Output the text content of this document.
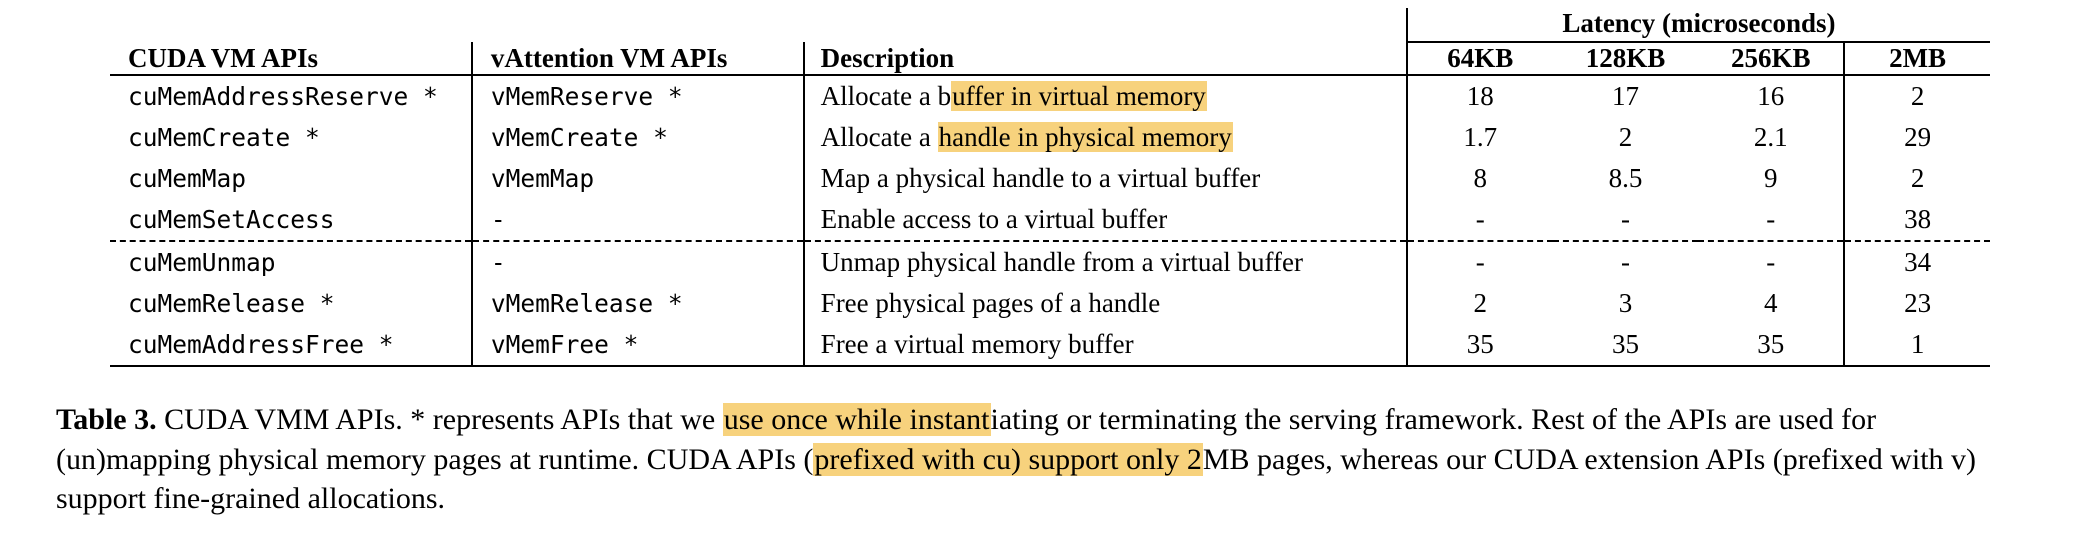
			Latency (microseconds)			
CUDA VM APIs	vAttention VM APIs	Description	64KB	128KB	256KB	2MB
cuMemAddressReserve *	vMemReserve *	Allocate a buffer in virtual memory	18	17	16	2
cuMemCreate *	vMemCreate *	Allocate a handle in physical memory	1.7	2	2.1	29
cuMemMap	vMemMap	Map a physical handle to a virtual buffer	8	8.5	9	2
cuMemSetAccess	-	Enable access to a virtual buffer	-	-	-	38
cuMemUnmap	-	Unmap physical handle from a virtual buffer	-	-	-	34
cuMemRelease *	vMemRelease *	Free physical pages of a handle	2	3	4	23
cuMemAddressFree *	vMemFree *	Free a virtual memory buffer	35	35	35	1
Table 3. CUDA VMM APIs. * represents APIs that we use once while instantiating or terminating the serving framework. Rest of the APIs are used for (un)mapping physical memory pages at runtime. CUDA APIs (prefixed with cu) support only 2MB pages, whereas our CUDA extension APIs (prefixed with v) support fine-grained allocations.
